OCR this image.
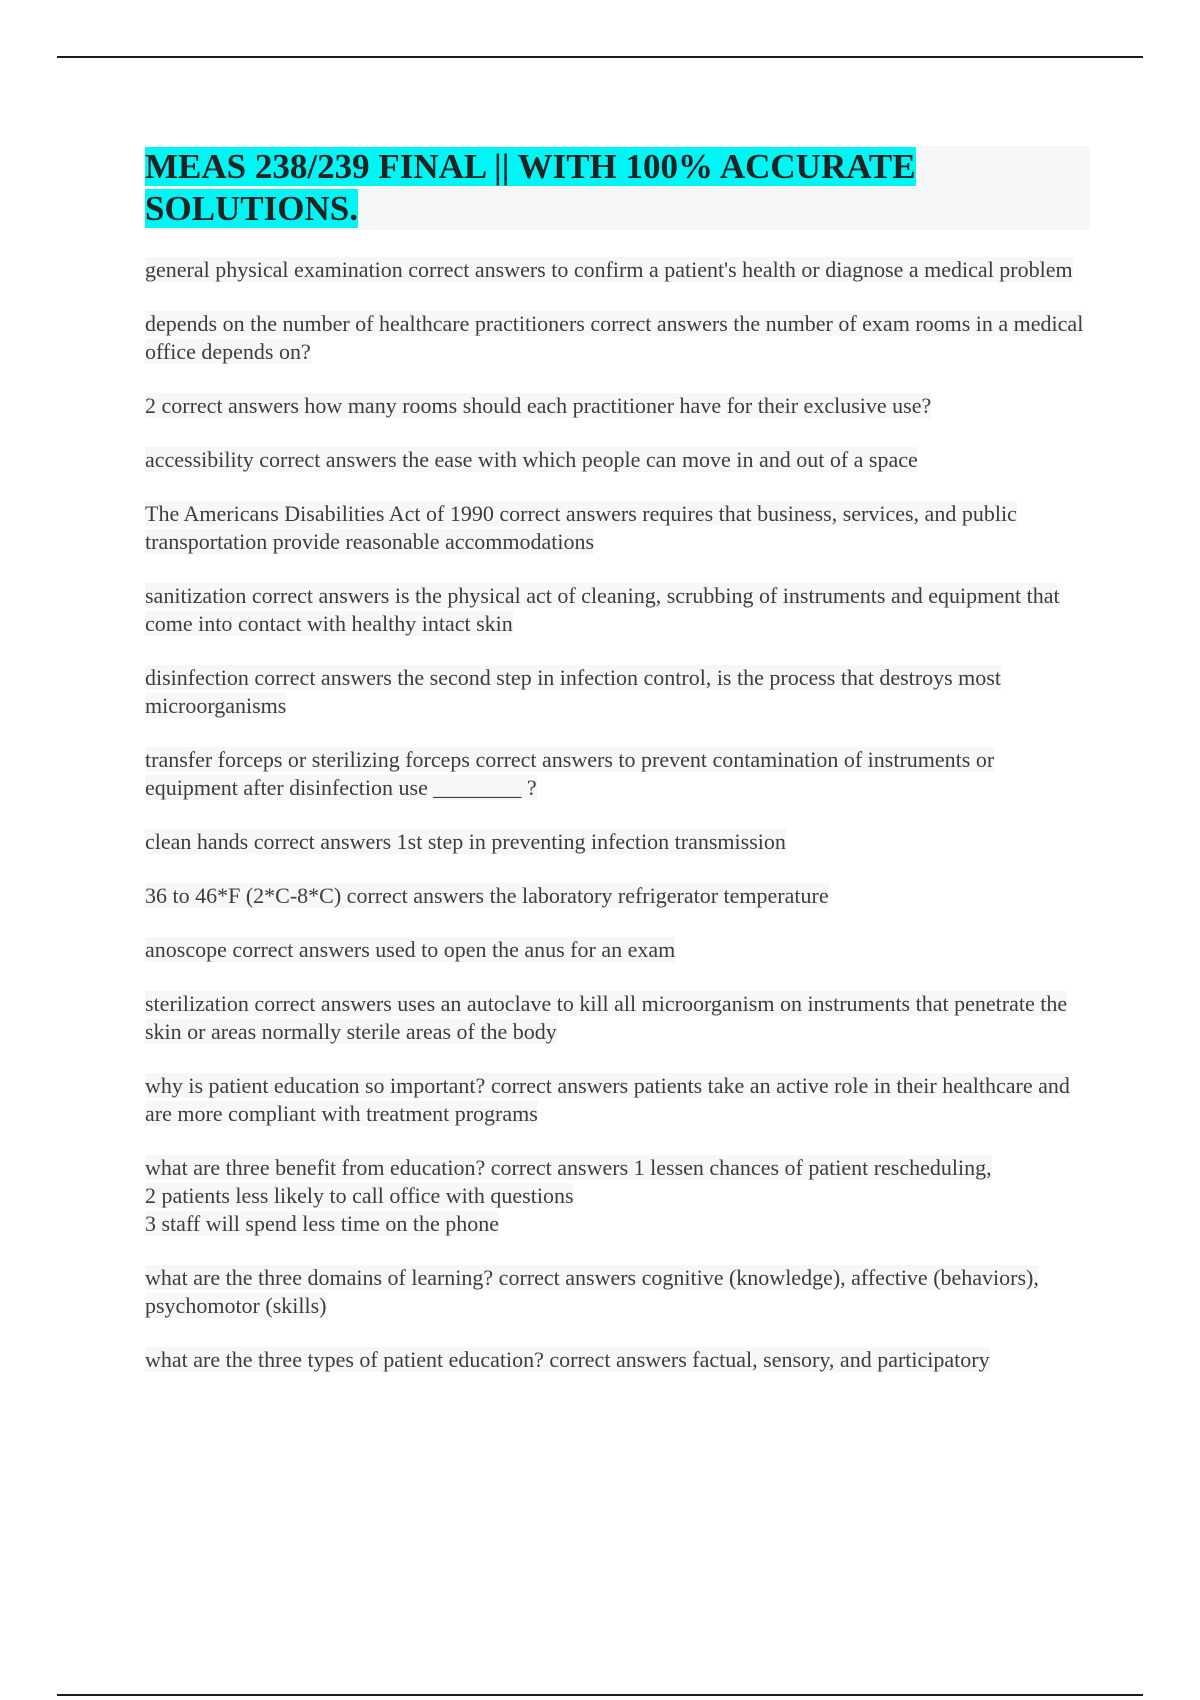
MEAS 238/239 FINAL || WITH 100% ACCURATE SOLUTIONS.
general physical examination correct answers to confirm a patient's health or diagnose a medical problem
depends on the number of healthcare practitioners correct answers the number of exam rooms in a medical office depends on?
2 correct answers how many rooms should each practitioner have for their exclusive use?
accessibility correct answers the ease with which people can move in and out of a space
The Americans Disabilities Act of 1990 correct answers requires that business, services, and public transportation provide reasonable accommodations
sanitization correct answers is the physical act of cleaning, scrubbing of instruments and equipment that come into contact with healthy intact skin
disinfection correct answers the second step in infection control, is the process that destroys most microorganisms
transfer forceps or sterilizing forceps correct answers to prevent contamination of instruments or equipment after disinfection use ________ ?
clean hands correct answers 1st step in preventing infection transmission
36 to 46*F (2*C-8*C) correct answers the laboratory refrigerator temperature
anoscope correct answers used to open the anus for an exam
sterilization correct answers uses an autoclave to kill all microorganism on instruments that penetrate the skin or areas normally sterile areas of the body
why is patient education so important? correct answers patients take an active role in their healthcare and are more compliant with treatment programs
what are three benefit from education? correct answers 1 lessen chances of patient rescheduling,
2 patients less likely to call office with questions
3 staff will spend less time on the phone
what are the three domains of learning? correct answers cognitive (knowledge), affective (behaviors), psychomotor (skills)
what are the three types of patient education? correct answers factual, sensory, and participatory
